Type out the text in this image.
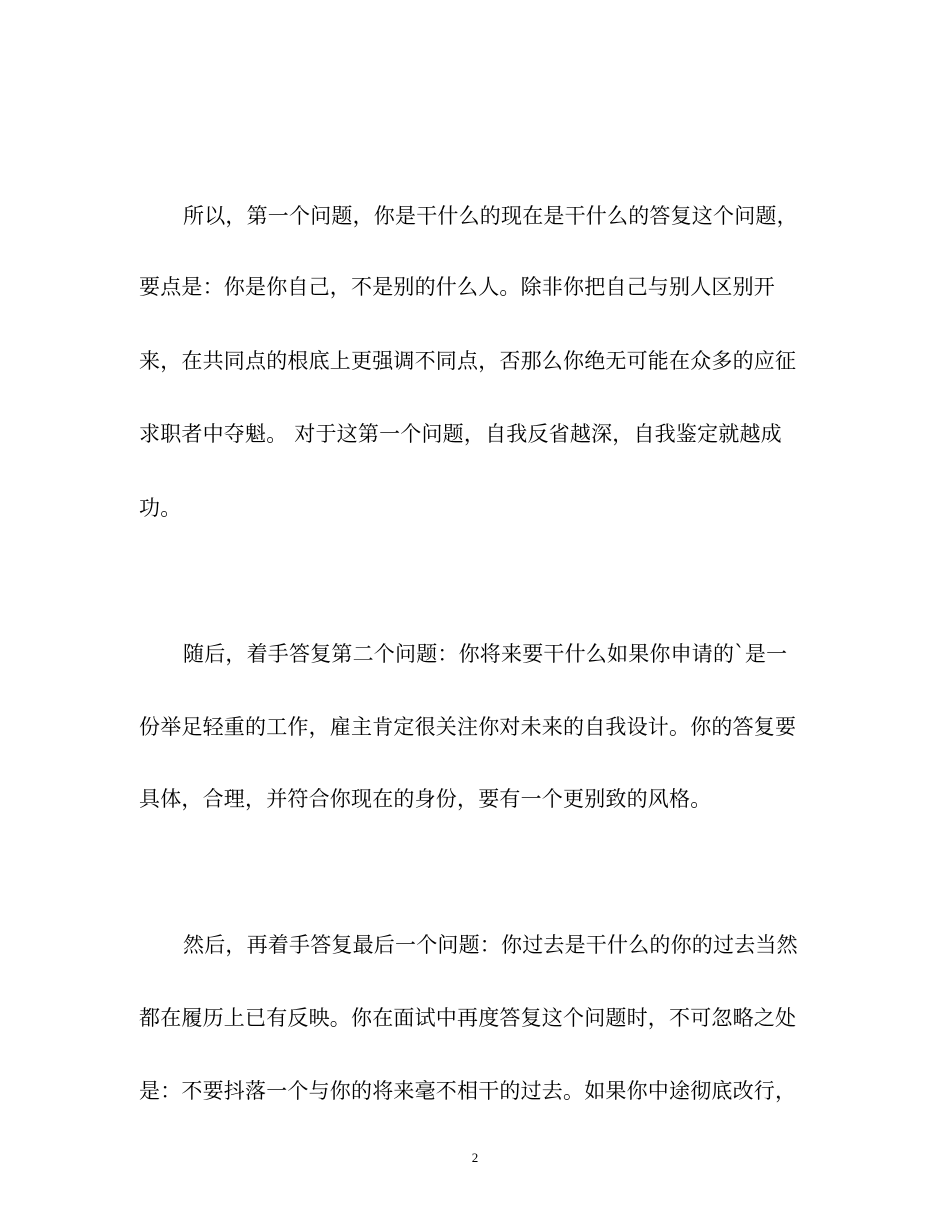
所以，第一个问题，你是干什么的现在是干什么的答复这个问题，
要点是：你是你自己，不是别的什么人。除非你把自己与别人区别开
来，在共同点的根底上更强调不同点，否那么你绝无可能在众多的应征
求职者中夺魁。 对于这第一个问题，自我反省越深，自我鉴定就越成
功。
随后，着手答复第二个问题：你将来要干什么如果你申请的`是一
份举足轻重的工作，雇主肯定很关注你对未来的自我设计。你的答复要
具体，合理，并符合你现在的身份，要有一个更别致的风格。
然后，再着手答复最后一个问题：你过去是干什么的你的过去当然
都在履历上已有反映。你在面试中再度答复这个问题时，不可忽略之处
是：不要抖落一个与你的将来毫不相干的过去。如果你中途彻底改行，
2
